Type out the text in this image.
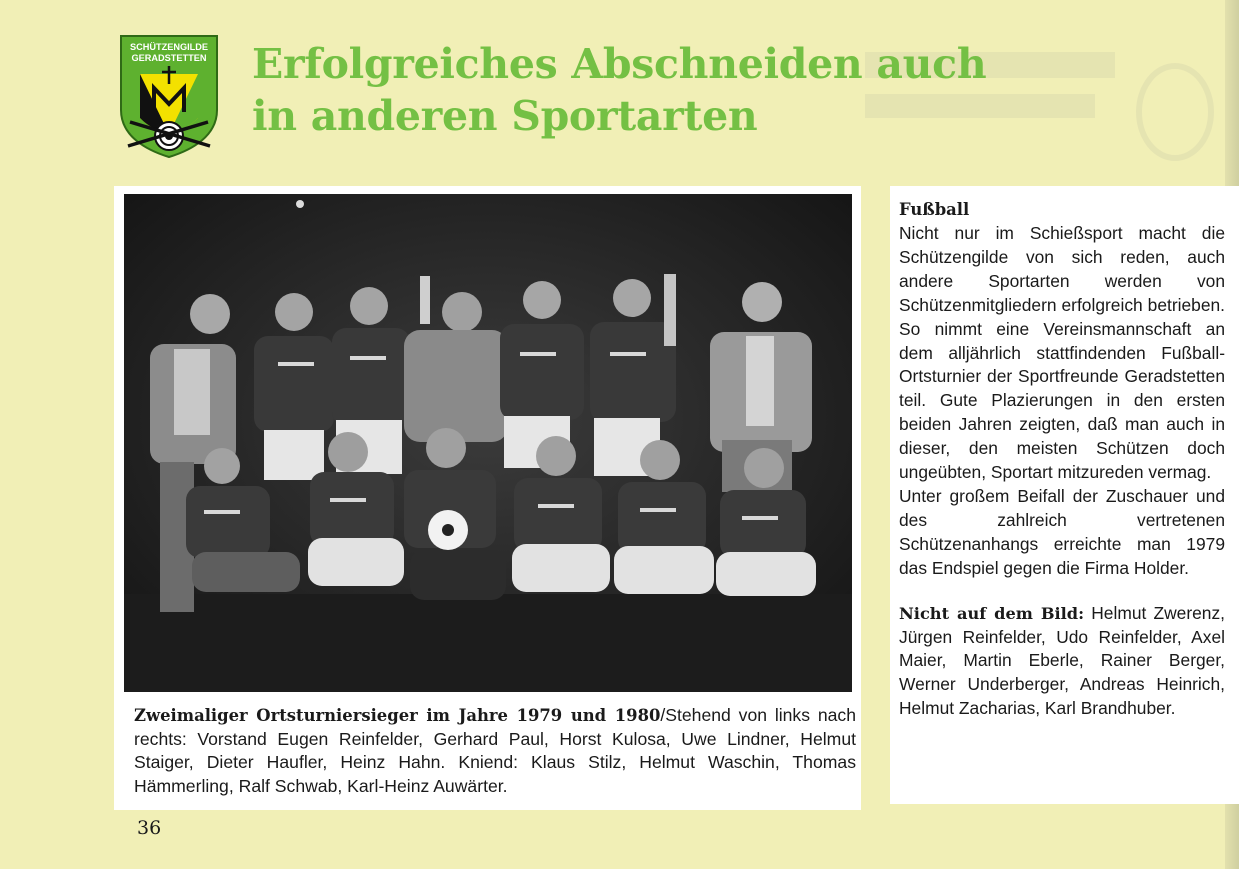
SCHÜTZENGILDE
GERADSTETTEN Erfolgreiches Abschneiden auch
in anderen Sportarten
Zweimaliger Ortsturniersieger im Jahre 1979 und 1980/Stehend von links nach rechts: Vorstand Eugen Reinfelder, Gerhard Paul, Horst Kulosa, Uwe Lindner, Helmut Staiger, Dieter Haufler, Heinz Hahn. Kniend: Klaus Stilz, Helmut Waschin, Thomas Hämmerling, Ralf Schwab, Karl-Heinz Auwärter.
Fußball

Nicht nur im Schießsport macht die Schützengilde von sich reden, auch andere Sportarten werden von Schützenmitgliedern erfolgreich betrieben. So nimmt eine Vereinsmannschaft an dem alljährlich stattfindenden Fußball-Ortsturnier der Sportfreunde Geradstetten teil. Gute Plazierungen in den ersten beiden Jahren zeigten, daß man auch in dieser, den meisten Schützen doch ungeübten, Sportart mitzureden vermag.

Unter großem Beifall der Zuschauer und des zahlreich vertretenen Schützenanhangs erreichte man 1979 das Endspiel gegen die Firma Holder.

Nicht auf dem Bild: Helmut Zwerenz, Jürgen Reinfelder, Udo Reinfelder, Axel Maier, Martin Eberle, Rainer Berger, Werner Underberger, Andreas Heinrich, Helmut Zacharias, Karl Brandhuber.

36
